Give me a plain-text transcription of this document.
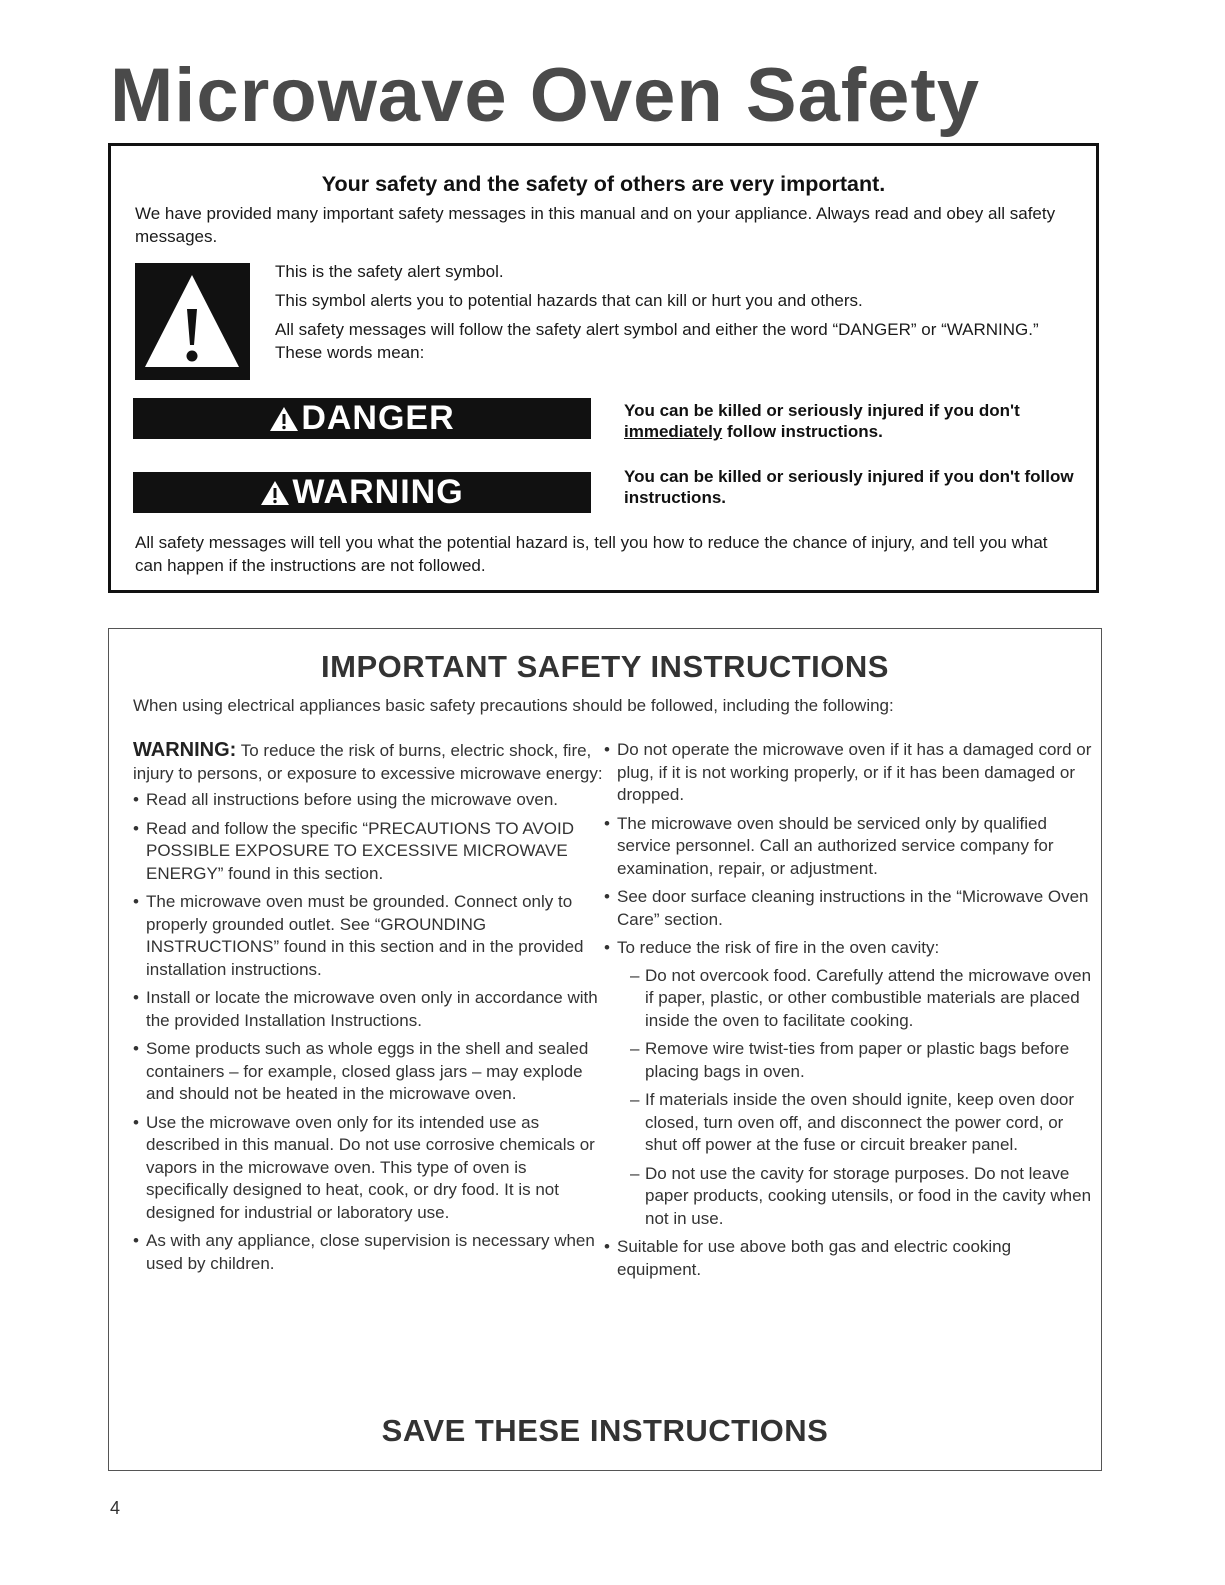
Microwave Oven Safety
Your safety and the safety of others are very important.

We have provided many important safety messages in this manual and on your appliance. Always read and obey all safety messages.

This is the safety alert symbol.

This symbol alerts you to potential hazards that can kill or hurt you and others.

All safety messages will follow the safety alert symbol and either the word “DANGER” or “WARNING.” These words mean:

DANGER	You can be killed or seriously injured if you don't immediately follow instructions.

WARNING	You can be killed or seriously injured if you don't follow instructions.

All safety messages will tell you what the potential hazard is, tell you how to reduce the chance of injury, and tell you what can happen if the instructions are not followed.

IMPORTANT SAFETY INSTRUCTIONS

When using electrical appliances basic safety precautions should be followed, including the following:

WARNING: To reduce the risk of burns, electric shock, fire, injury to persons, or exposure to excessive microwave energy:

• Read all instructions before using the microwave oven.
• Read and follow the specific “PRECAUTIONS TO AVOID POSSIBLE EXPOSURE TO EXCESSIVE MICROWAVE ENERGY” found in this section.
• The microwave oven must be grounded. Connect only to properly grounded outlet. See “GROUNDING INSTRUCTIONS” found in this section and in the provided installation instructions.
• Install or locate the microwave oven only in accordance with the provided Installation Instructions.
• Some products such as whole eggs in the shell and sealed containers – for example, closed glass jars – may explode and should not be heated in the microwave oven.
• Use the microwave oven only for its intended use as described in this manual. Do not use corrosive chemicals or vapors in the microwave oven. This type of oven is specifically designed to heat, cook, or dry food. It is not designed for industrial or laboratory use.
• As with any appliance, close supervision is necessary when used by children.
• Do not operate the microwave oven if it has a damaged cord or plug, if it is not working properly, or if it has been damaged or dropped.
• The microwave oven should be serviced only by qualified service personnel. Call an authorized service company for examination, repair, or adjustment.
• See door surface cleaning instructions in the “Microwave Oven Care” section.
• To reduce the risk of fire in the oven cavity:
– Do not overcook food. Carefully attend the microwave oven if paper, plastic, or other combustible materials are placed inside the oven to facilitate cooking.
– Remove wire twist-ties from paper or plastic bags before placing bags in oven.
– If materials inside the oven should ignite, keep oven door closed, turn oven off, and disconnect the power cord, or shut off power at the fuse or circuit breaker panel.
– Do not use the cavity for storage purposes. Do not leave paper products, cooking utensils, or food in the cavity when not in use.
• Suitable for use above both gas and electric cooking equipment.
SAVE THESE INSTRUCTIONS

4
